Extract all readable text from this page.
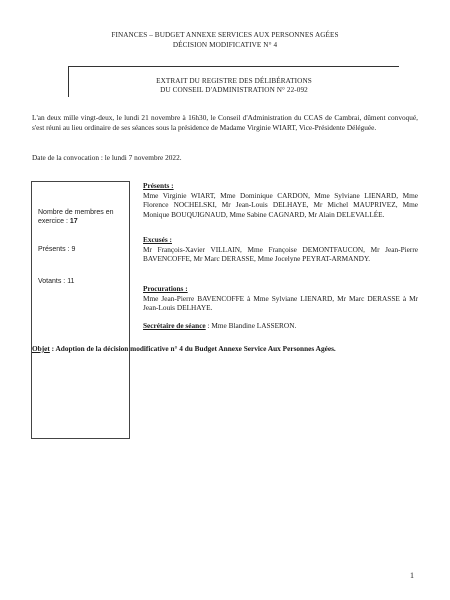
FINANCES – BUDGET ANNEXE SERVICES AUX PERSONNES AGÉES
DÉCISION MODIFICATIVE N° 4
EXTRAIT DU REGISTRE DES DÉLIBÉRATIONS
DU CONSEIL D'ADMINISTRATION N° 22-092
L'an deux mille vingt-deux, le lundi 21 novembre à 16h30, le Conseil d'Administration du CCAS de Cambrai, dûment convoqué, s'est réuni au lieu ordinaire de ses séances sous la présidence de Madame Virginie WIART, Vice-Présidente Déléguée.
Date de la convocation : le lundi 7 novembre 2022.
Nombre de membres en exercice : 17
Présents : 9
Votants : 11
Présents :
Mme Virginie WIART, Mme Dominique CARDON, Mme Sylviane LIENARD, Mme Florence NOCHELSKI, Mr Jean-Louis DELHAYE, Mr Michel MAUPRIVEZ, Mme Monique BOUQUIGNAUD, Mme Sabine CAGNARD, Mr Alain DELEVALLÉE.
Excusés :
Mr François-Xavier VILLAIN, Mme Françoise DEMONTFAUCON, Mr Jean-Pierre BAVENCOFFE, Mr Marc DERASSE, Mme Jocelyne PEYRAT-ARMANDY.
Procurations :
Mme Jean-Pierre BAVENCOFFE à Mme Sylviane LIENARD, Mr Marc DERASSE à Mr Jean-Louis DELHAYE.
Secrétaire de séance : Mme Blandine LASSERON.
Objet : Adoption de la décision modificative n° 4 du Budget Annexe Service Aux Personnes Agées.
1
